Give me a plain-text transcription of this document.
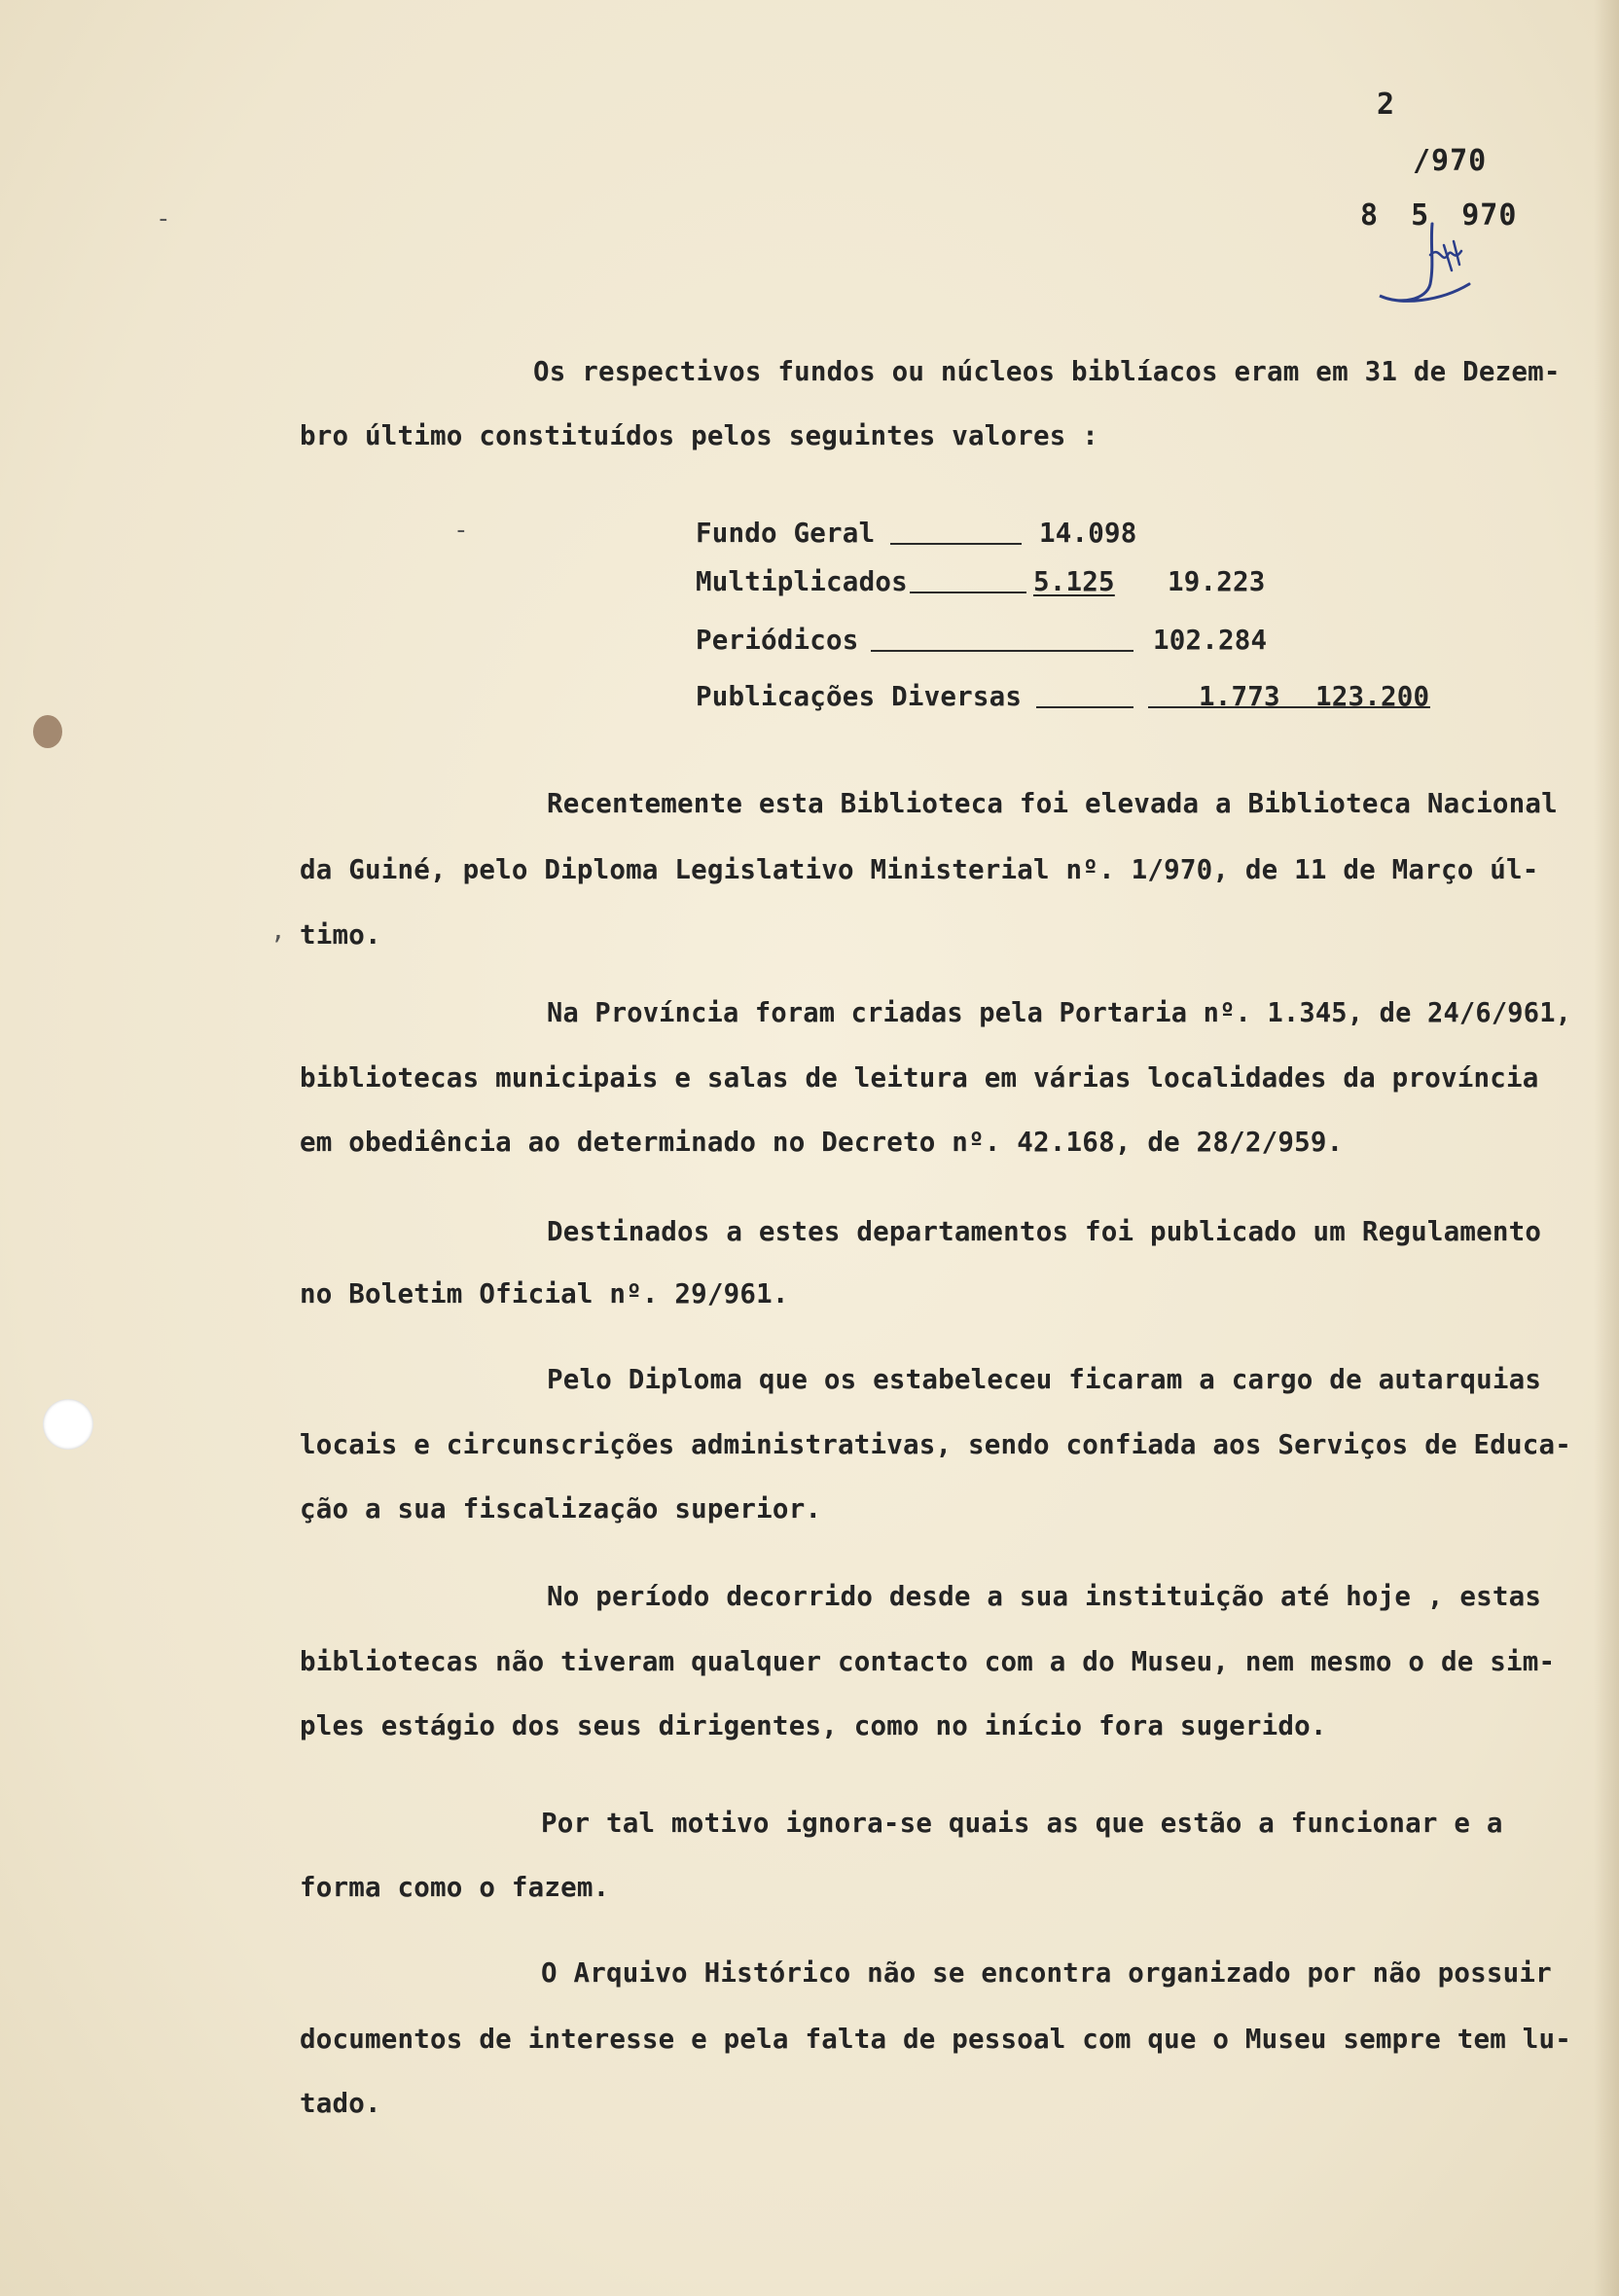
-
-
,
2
/970
8 5 970
Os respectivos fundos ou núcleos biblíacos eram em 31 de Dezem-
bro último constituídos pelos seguintes valores :
Fundo Geral	14.098
Multiplicados	5.125 19.223
Periódicos	102.284
Publicações Diversas	1.773 123.200
Recentemente esta Biblioteca foi elevada a Biblioteca Nacional
da Guiné, pelo Diploma Legislativo Ministerial nº. 1/970, de 11 de Março úl-
timo.
Na Província foram criadas pela Portaria nº. 1.345, de 24/6/961,
bibliotecas municipais e salas de leitura em várias localidades da província
em obediência ao determinado no Decreto nº. 42.168, de 28/2/959.
Destinados a estes departamentos foi publicado um Regulamento
no Boletim Oficial nº. 29/961.
Pelo Diploma que os estabeleceu ficaram a cargo de autarquias
locais e circunscrições administrativas, sendo confiada aos Serviços de Educa-
ção a sua fiscalização superior.
No período decorrido desde a sua instituição até hoje , estas
bibliotecas não tiveram qualquer contacto com a do Museu, nem mesmo o de sim-
ples estágio dos seus dirigentes, como no início fora sugerido.
Por tal motivo ignora-se quais as que estão a funcionar e a
forma como o fazem.
O Arquivo Histórico não se encontra organizado por não possuir
documentos de interesse e pela falta de pessoal com que o Museu sempre tem lu-
tado.
